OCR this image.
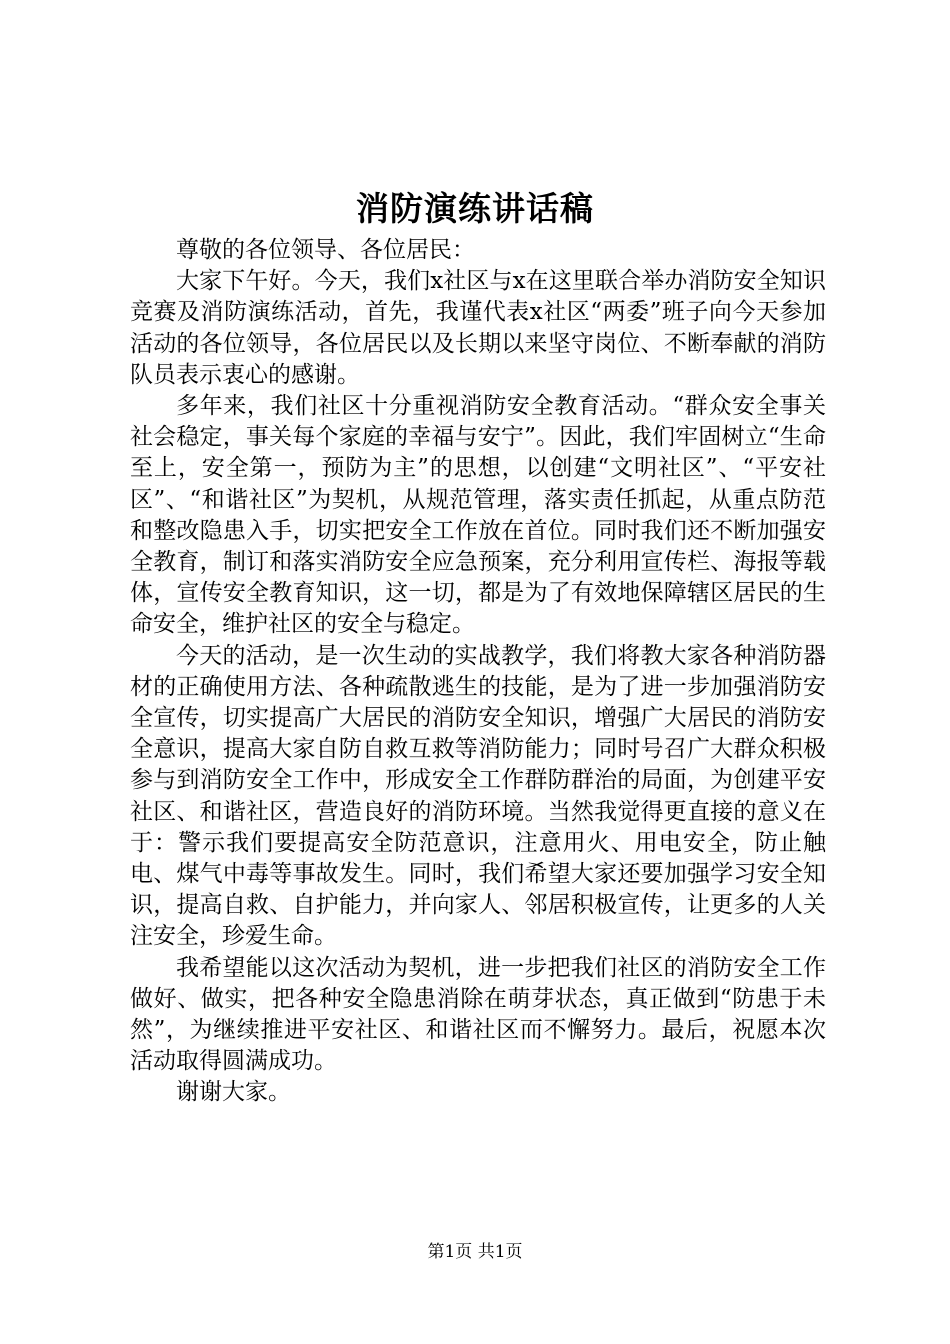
消防演练讲话稿

尊敬的各位领导、各位居民：

大家下午好。今天，我们x社区与x在这里联合举办消防安全知识竞赛及消防演练活动，首先，我谨代表x社区“两委”班子向今天参加活动的各位领导，各位居民以及长期以来坚守岗位、不断奉献的消防队员表示衷心的感谢。

多年来，我们社区十分重视消防安全教育活动。“群众安全事关社会稳定，事关每个家庭的幸福与安宁”。因此，我们牢固树立“生命至上，安全第一，预防为主”的思想，以创建“文明社区”、“平安社区”、“和谐社区”为契机，从规范管理，落实责任抓起，从重点防范和整改隐患入手，切实把安全工作放在首位。同时我们还不断加强安全教育，制订和落实消防安全应急预案，充分利用宣传栏、海报等载体，宣传安全教育知识，这一切，都是为了有效地保障辖区居民的生命安全，维护社区的安全与稳定。

今天的活动，是一次生动的实战教学，我们将教大家各种消防器材的正确使用方法、各种疏散逃生的技能，是为了进一步加强消防安全宣传，切实提高广大居民的消防安全知识，增强广大居民的消防安全意识，提高大家自防自救互救等消防能力；同时号召广大群众积极参与到消防安全工作中，形成安全工作群防群治的局面，为创建平安社区、和谐社区，营造良好的消防环境。当然我觉得更直接的意义在于：警示我们要提高安全防范意识，注意用火、用电安全，防止触电、煤气中毒等事故发生。同时，我们希望大家还要加强学习安全知识，提高自救、自护能力，并向家人、邻居积极宣传，让更多的人关注安全，珍爱生命。

我希望能以这次活动为契机，进一步把我们社区的消防安全工作做好、做实，把各种安全隐患消除在萌芽状态，真正做到“防患于未然”，为继续推进平安社区、和谐社区而不懈努力。最后，祝愿本次活动取得圆满成功。

谢谢大家。

第1页 共1页
